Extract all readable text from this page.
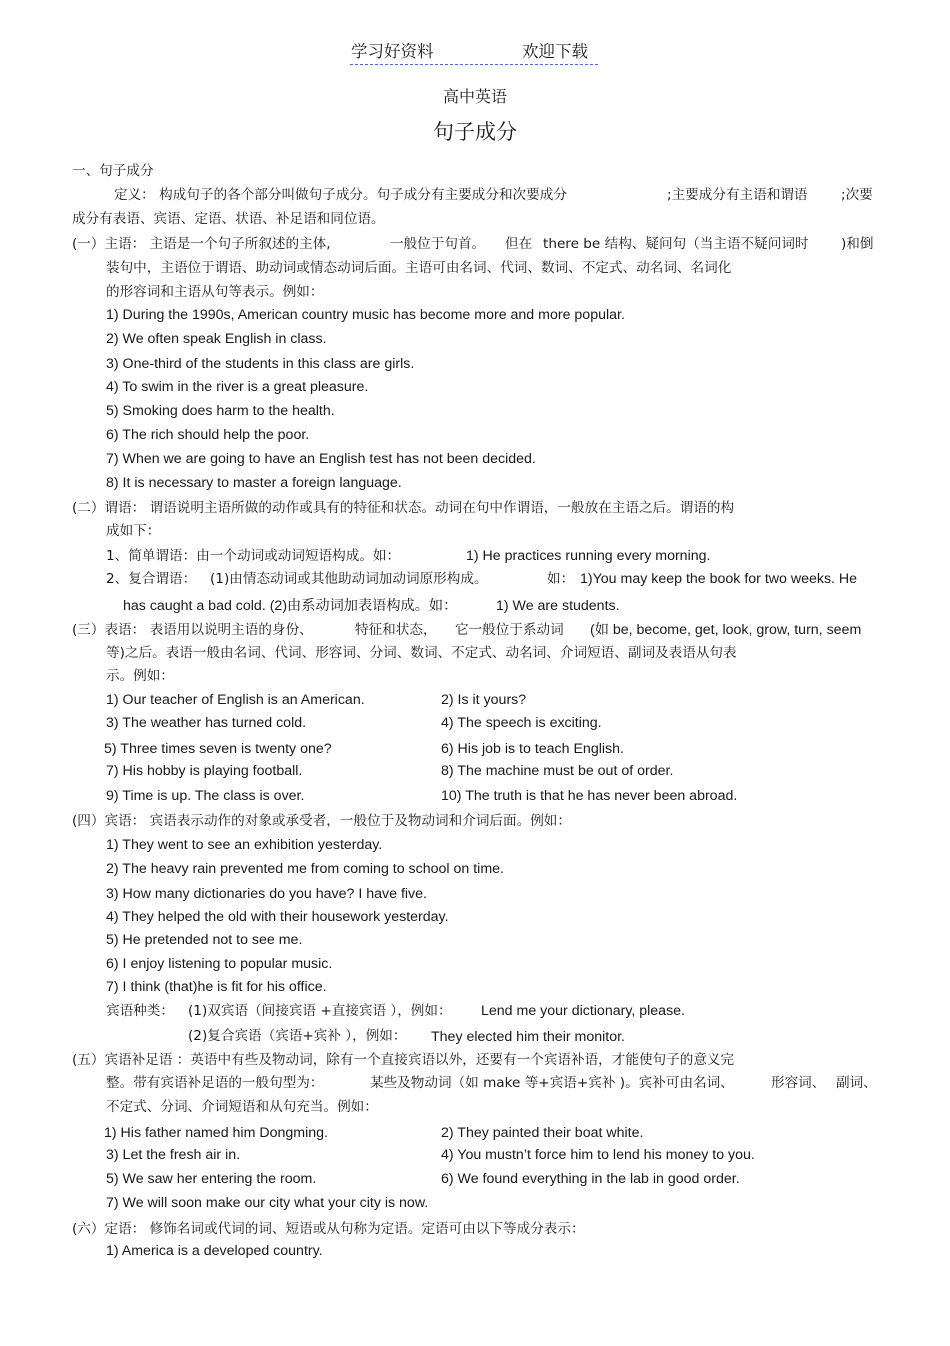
学习好资料	欢迎下载
高中英语
句子成分
一、句子成分
定义： 构成句子的各个部分叫做句子成分。句子成分有主要成分和次要成分	;主要成分有主语和谓语 ;次要
成分有表语、宾语、定语、状语、补足语和同位语。
(一）主语： 主语是一个句子所叙述的主体,	一般位于句首。 但在 there be 结构、疑问句（当主语不疑问词时 )和倒
装句中，主语位于谓语、助动词或情态动词后面。主语可由名词、代词、数词、不定式、动名词、名词化
的形容词和主语从句等表示。例如：
1) During the 1990s, American country music has become more and more popular.
2) We often speak English in class.
3) One-third of the students in this class are girls.
4) To swim in the river is a great pleasure.
5) Smoking does harm to the health.
6) The rich should help the poor.
7) When we are going to have an English test has not been decided.
8) It is necessary to master a foreign language.
(二）谓语： 谓语说明主语所做的动作或具有的特征和状态。动词在句中作谓语，一般放在主语之后。谓语的构
成如下：
1、简单谓语：由一个动词或动词短语构成。如：	1) He practices running every morning.
2、复合谓语： (1)由情态动词或其他助动词加动词原形构成。	如： 1)You may keep the book for two weeks. He
has caught a bad cold. (2)由系动词加表语构成。如：	1) We are students.
(三）表语： 表语用以说明主语的身份、	特征和状态， 它一般位于系动词 (如 be, become, get, look, grow, turn, seem
等)之后。表语一般由名词、代词、形容词、分词、数词、不定式、动名词、介词短语、副词及表语从句表
示。例如：
1) Our teacher of English is an American.	2) Is it yours?
3) The weather has turned cold.	4) The speech is exciting.
5) Three times seven is twenty one?	6) His job is to teach English.
7) His hobby is playing football.	8) The machine must be out of order.
9) Time is up. The class is over.	10) The truth is that he has never been abroad.
(四）宾语： 宾语表示动作的对象或承受者，一般位于及物动词和介词后面。例如：
1) They went to see an exhibition yesterday.
2) The heavy rain prevented me from coming to school on time.
3) How many dictionaries do you have? I have five.
4) They helped the old with their housework yesterday.
5) He pretended not to see me.
6) I enjoy listening to popular music.
7) I think (that)he is fit for his office.
宾语种类： (1)双宾语（间接宾语 +直接宾语 ），例如： Lend me your dictionary, please.
(2)复合宾语（宾语+宾补 ），例如： They elected him their monitor.
(五）宾语补足语 ：英语中有些及物动词，除有一个直接宾语以外，还要有一个宾语补语，才能使句子的意义完
整。带有宾语补足语的一般句型为：	某些及物动词（如 make 等+宾语+宾补 )。宾补可由名词、	形容词、 副词、
不定式、分词、介词短语和从句充当。例如：
1) His father named him Dongming.	2) They painted their boat white.
3) Let the fresh air in.	4) You mustn’t force him to lend his money to you.
5) We saw her entering the room.	6) We found everything in the lab in good order.
7) We will soon make our city what your city is now.
(六）定语： 修饰名词或代词的词、短语或从句称为定语。定语可由以下等成分表示：
1) America is a developed country.
